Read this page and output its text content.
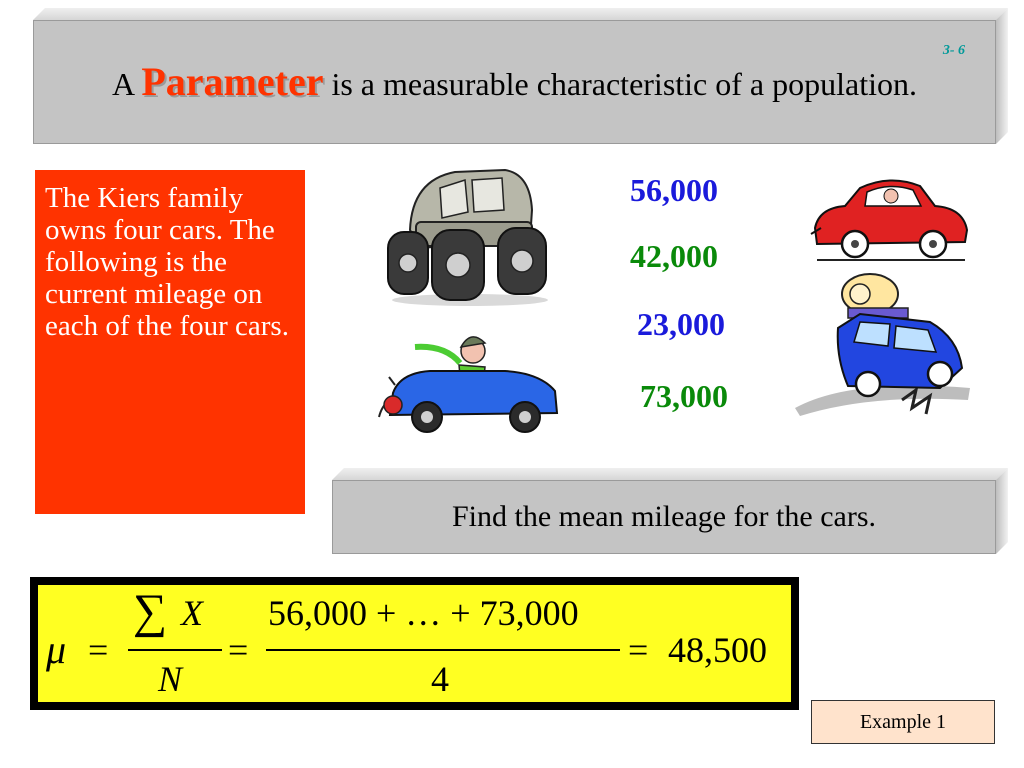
A Parameter is a measurable characteristic of a population.
3- 6
The Kiers family owns four cars. The following is the current mileage on each of the four cars.
56,000
42,000
23,000
73,000
Find the mean mileage for the cars.
μ =
∑ X
N
=
56,000 + … + 73,000
4
= 48,500
Example 1
